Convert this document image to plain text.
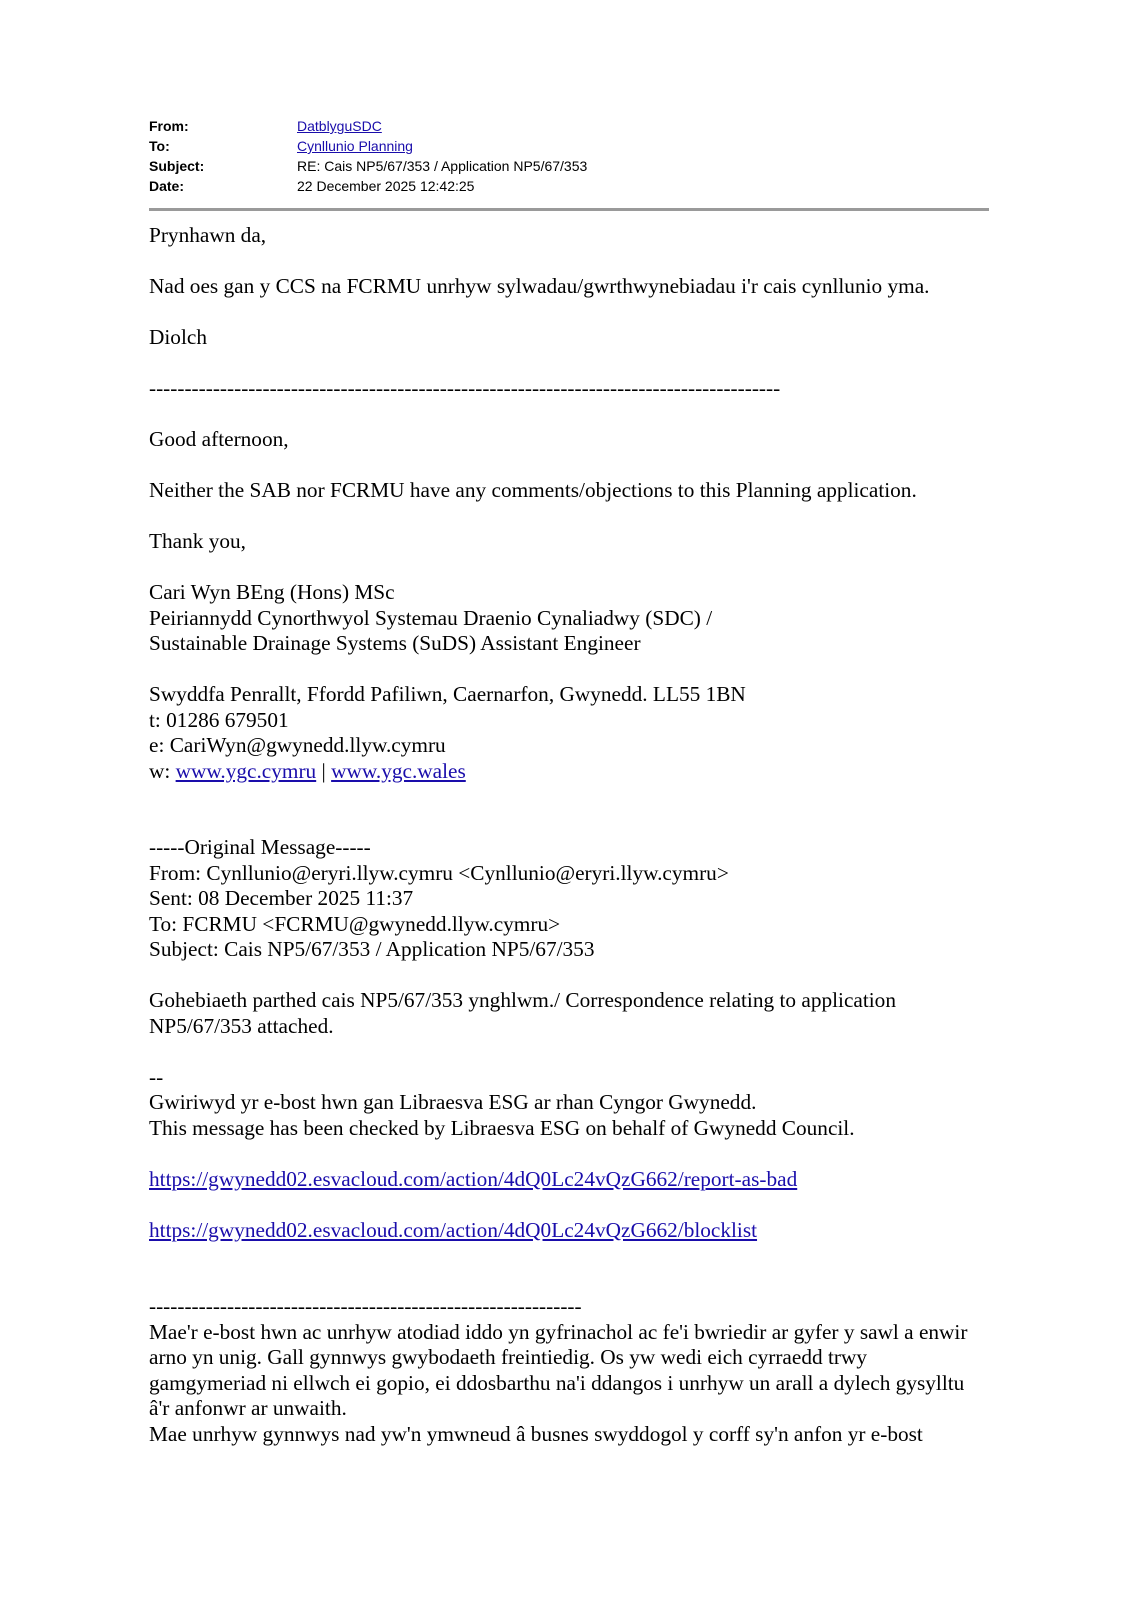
From:	DatblyguSDC
To:	Cynllunio Planning
Subject:	RE: Cais NP5/67/353 / Application NP5/67/353
Date:	22 December 2025 12:42:25

Prynhawn da,

Nad oes gan y CCS na FCRMU unrhyw sylwadau/gwrthwynebiadau i'r cais cynllunio yma.

Diolch

-----------------------------------------------------------------------------------------

Good afternoon,

Neither the SAB nor FCRMU have any comments/objections to this Planning application.

Thank you,

Cari Wyn BEng (Hons) MSc

Peiriannydd Cynorthwyol Systemau Draenio Cynaliadwy (SDC) /

Sustainable Drainage Systems (SuDS) Assistant Engineer

Swyddfa Penrallt, Ffordd Pafiliwn, Caernarfon, Gwynedd. LL55 1BN

t: 01286 679501

e: CariWyn@gwynedd.llyw.cymru

w: www.ygc.cymru | www.ygc.wales

-----Original Message-----

From: Cynllunio@eryri.llyw.cymru <Cynllunio@eryri.llyw.cymru>

Sent: 08 December 2025 11:37

To: FCRMU <FCRMU@gwynedd.llyw.cymru>

Subject: Cais NP5/67/353 / Application NP5/67/353

Gohebiaeth parthed cais NP5/67/353 ynghlwm./ Correspondence relating to application NP5/67/353 attached.

--

Gwiriwyd yr e-bost hwn gan Libraesva ESG ar rhan Cyngor Gwynedd.

This message has been checked by Libraesva ESG on behalf of Gwynedd Council.

https://gwynedd02.esvacloud.com/action/4dQ0Lc24vQzG662/report-as-bad

https://gwynedd02.esvacloud.com/action/4dQ0Lc24vQzG662/blocklist

-------------------------------------------------------------

Mae'r e-bost hwn ac unrhyw atodiad iddo yn gyfrinachol ac fe'i bwriedir ar gyfer y sawl a enwir arno yn unig. Gall gynnwys gwybodaeth freintiedig. Os yw wedi eich cyrraedd trwy gamgymeriad ni ellwch ei gopio, ei ddosbarthu na'i ddangos i unrhyw un arall a dylech gysylltu â'r anfonwr ar unwaith.

Mae unrhyw gynnwys nad yw'n ymwneud â busnes swyddogol y corff sy'n anfon yr e-bost
